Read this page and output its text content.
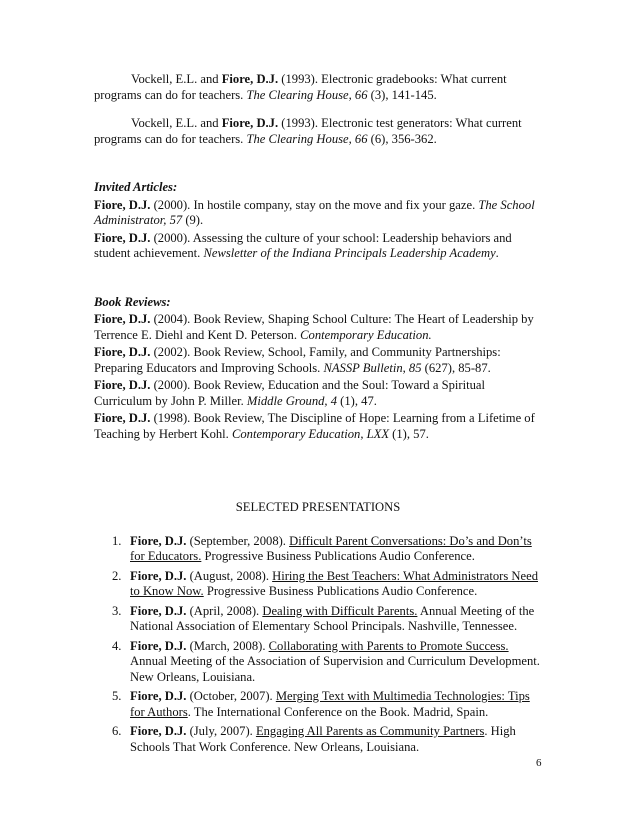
Vockell, E.L. and Fiore, D.J. (1993). Electronic gradebooks: What current programs can do for teachers. The Clearing House, 66 (3), 141-145.

Vockell, E.L. and Fiore, D.J. (1993). Electronic test generators: What current programs can do for teachers. The Clearing House, 66 (6), 356-362.

Invited Articles:

Fiore, D.J. (2000). In hostile company, stay on the move and fix your gaze. The School Administrator, 57 (9).

Fiore, D.J. (2000). Assessing the culture of your school: Leadership behaviors and student achievement. Newsletter of the Indiana Principals Leadership Academy.

Book Reviews:

Fiore, D.J. (2004). Book Review, Shaping School Culture: The Heart of Leadership by Terrence E. Diehl and Kent D. Peterson. Contemporary Education.

Fiore, D.J. (2002). Book Review, School, Family, and Community Partnerships: Preparing Educators and Improving Schools. NASSP Bulletin, 85 (627), 85-87.

Fiore, D.J. (2000). Book Review, Education and the Soul: Toward a Spiritual Curriculum by John P. Miller. Middle Ground, 4 (1), 47.

Fiore, D.J. (1998). Book Review, The Discipline of Hope: Learning from a Lifetime of Teaching by Herbert Kohl. Contemporary Education, LXX (1), 57.

SELECTED PRESENTATIONS

1. Fiore, D.J. (September, 2008). Difficult Parent Conversations: Do’s and Don’ts for Educators. Progressive Business Publications Audio Conference.
2. Fiore, D.J. (August, 2008). Hiring the Best Teachers: What Administrators Need to Know Now. Progressive Business Publications Audio Conference.
3. Fiore, D.J. (April, 2008). Dealing with Difficult Parents. Annual Meeting of the National Association of Elementary School Principals. Nashville, Tennessee.
4. Fiore, D.J. (March, 2008). Collaborating with Parents to Promote Success. Annual Meeting of the Association of Supervision and Curriculum Development. New Orleans, Louisiana.
5. Fiore, D.J. (October, 2007). Merging Text with Multimedia Technologies: Tips for Authors. The International Conference on the Book. Madrid, Spain.
6. Fiore, D.J. (July, 2007). Engaging All Parents as Community Partners. High Schools That Work Conference. New Orleans, Louisiana.
6
